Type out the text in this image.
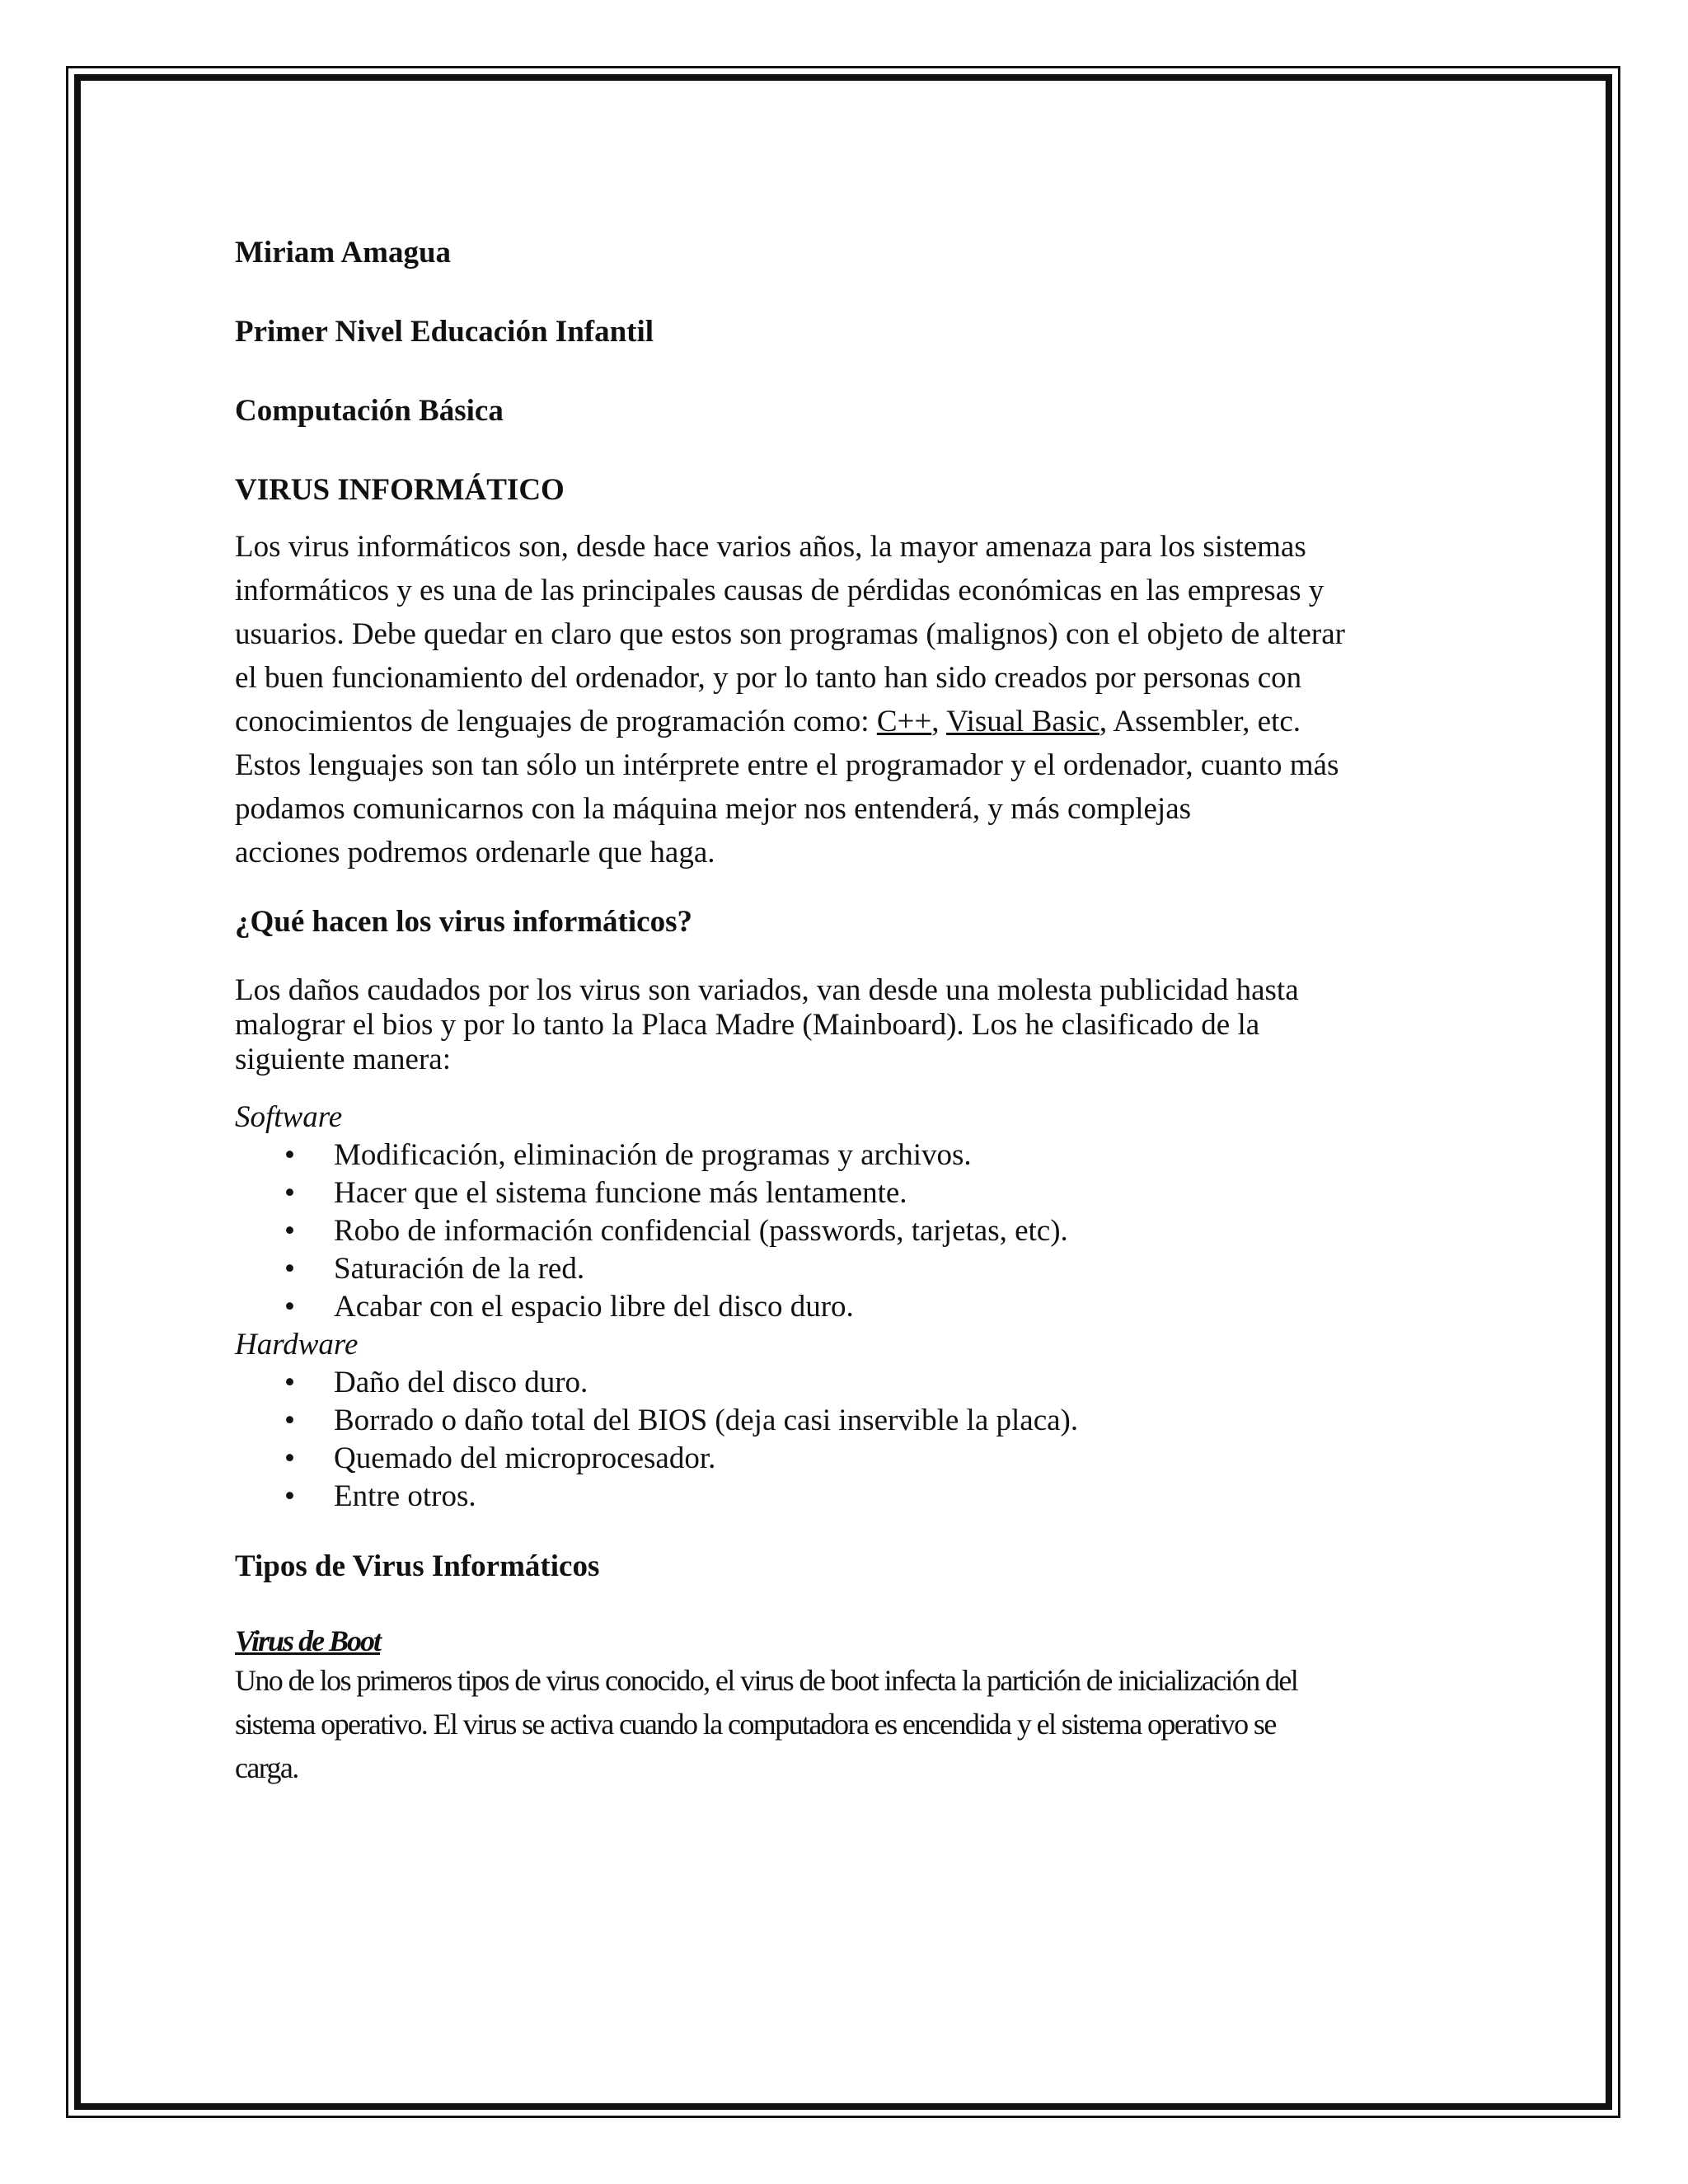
Miriam Amagua

Primer Nivel Educación Infantil

Computación Básica

VIRUS INFORMÁTICO

Los virus informáticos son, desde hace varios años, la mayor amenaza para los sistemas

informáticos y es una de las principales causas de pérdidas económicas en las empresas y

usuarios. Debe quedar en claro que estos son programas (malignos) con el objeto de alterar

el buen funcionamiento del ordenador, y por lo tanto han sido creados por personas con

conocimientos de lenguajes de programación como: C++, Visual Basic, Assembler, etc.

Estos lenguajes son tan sólo un intérprete entre el programador y el ordenador, cuanto más

podamos comunicarnos con la máquina mejor nos entenderá, y más complejas

acciones podremos ordenarle que haga.

¿Qué hacen los virus informáticos?

Los daños caudados por los virus son variados, van desde una molesta publicidad hasta

malograr el bios y por lo tanto la Placa Madre (Mainboard). Los he clasificado de la

siguiente manera:

Software

• Modificación, eliminación de programas y archivos.
• Hacer que el sistema funcione más lentamente.
• Robo de información confidencial (passwords, tarjetas, etc).
• Saturación de la red.
• Acabar con el espacio libre del disco duro.

Hardware

• Daño del disco duro.
• Borrado o daño total del BIOS (deja casi inservible la placa).
• Quemado del microprocesador.
• Entre otros.

Tipos de Virus Informáticos

Virus de Boot

Uno de los primeros tipos de virus conocido, el virus de boot infecta la partición de inicialización del

sistema operativo. El virus se activa cuando la computadora es encendida y el sistema operativo se

carga.
